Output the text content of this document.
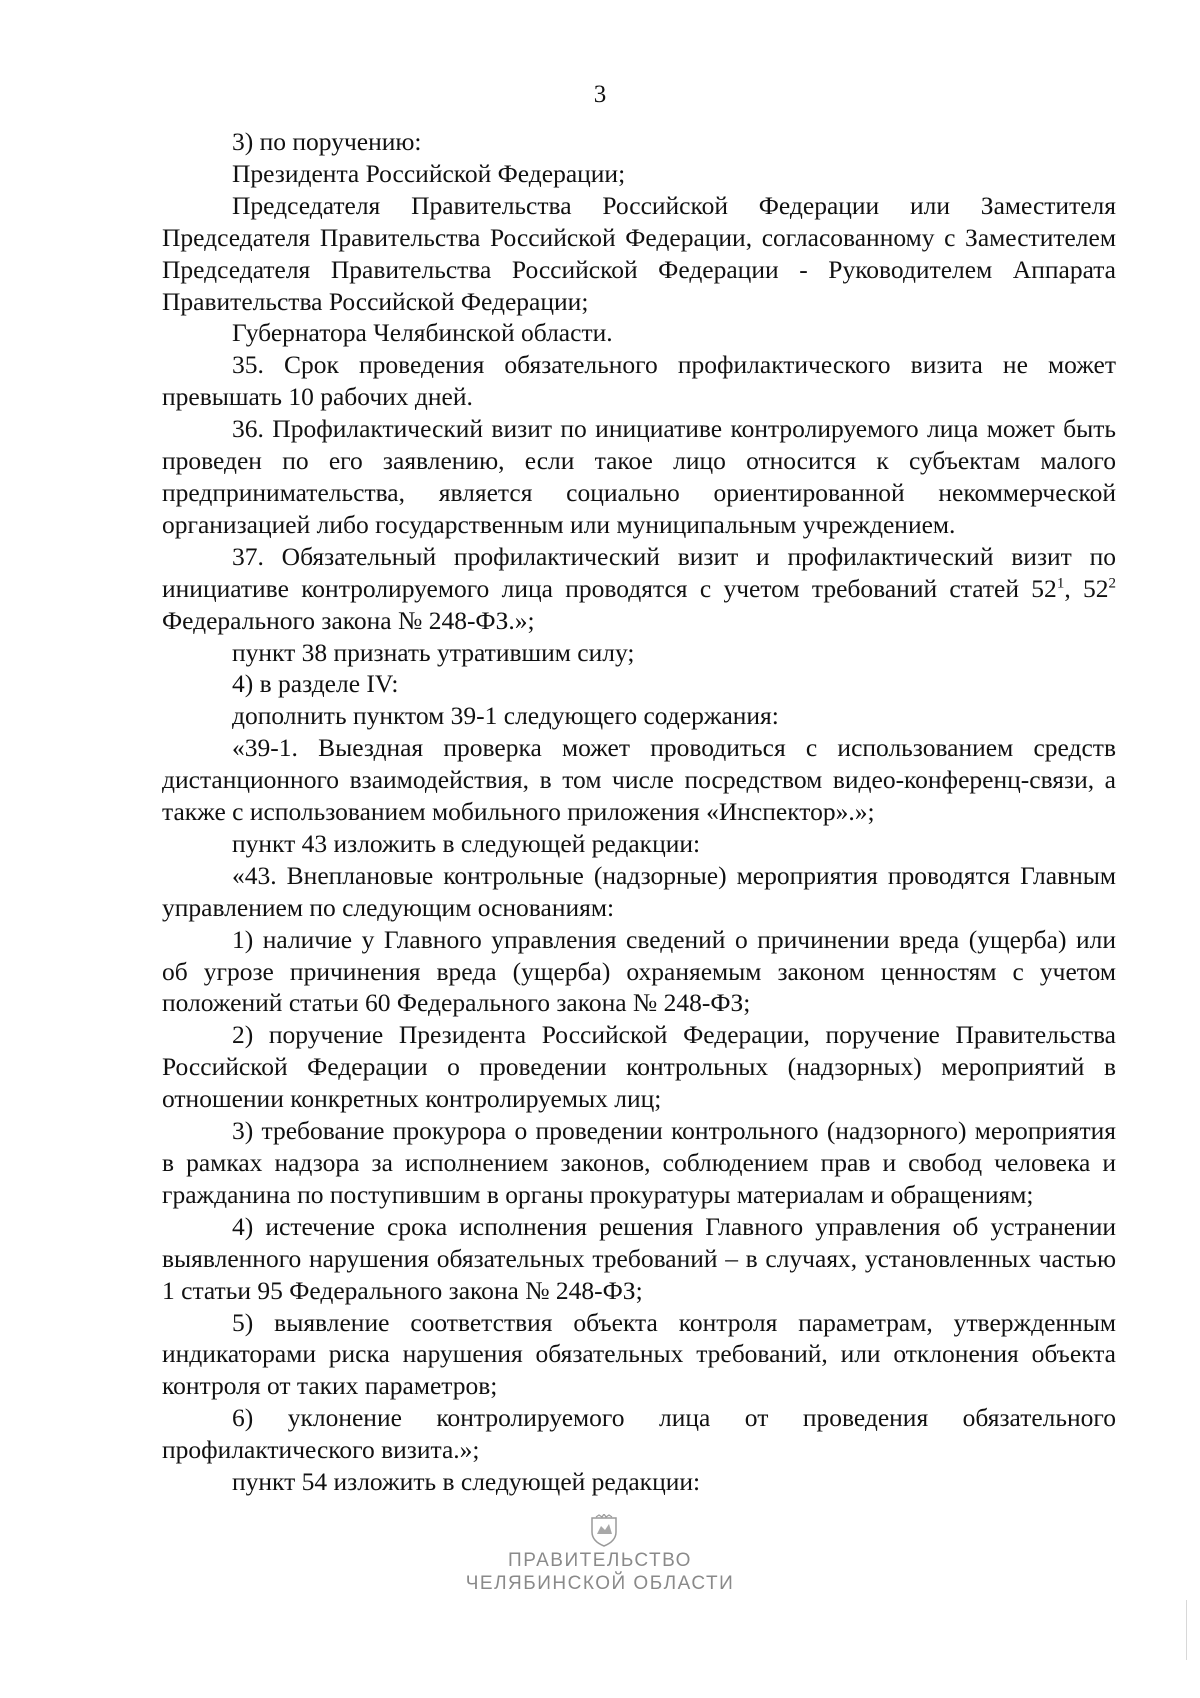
3

3) по поручению:

Президента Российской Федерации;

Председателя Правительства Российской Федерации или Заместителя Председателя Правительства Российской Федерации, согласованному с Заместителем Председателя Правительства Российской Федерации - Руководителем Аппарата Правительства Российской Федерации;

Губернатора Челябинской области.

35. Срок проведения обязательного профилактического визита не может превышать 10 рабочих дней.

36. Профилактический визит по инициативе контролируемого лица может быть проведен по его заявлению, если такое лицо относится к субъектам малого предпринимательства, является социально ориентированной некоммерческой организацией либо государственным или муниципальным учреждением.

37. Обязательный профилактический визит и профилактический визит по инициативе контролируемого лица проводятся с учетом требований статей $52^1$, $52^2$ Федерального закона № 248-ФЗ.»;

пункт 38 признать утратившим силу;

4) в разделе IV:

дополнить пунктом 39-1 следующего содержания:

«39-1. Выездная проверка может проводиться с использованием средств дистанционного взаимодействия, в том числе посредством видео-конференц-связи, а также с использованием мобильного приложения «Инспектор».»;

пункт 43 изложить в следующей редакции:

«43. Внеплановые контрольные (надзорные) мероприятия проводятся Главным управлением по следующим основаниям:

1) наличие у Главного управления сведений о причинении вреда (ущерба) или об угрозе причинения вреда (ущерба) охраняемым законом ценностям с учетом положений статьи 60 Федерального закона № 248-ФЗ;

2) поручение Президента Российской Федерации, поручение Правительства Российской Федерации о проведении контрольных (надзорных) мероприятий в отношении конкретных контролируемых лиц;

3) требование прокурора о проведении контрольного (надзорного) мероприятия в рамках надзора за исполнением законов, соблюдением прав и свобод человека и гражданина по поступившим в органы прокуратуры материалам и обращениям;

4) истечение срока исполнения решения Главного управления об устранении выявленного нарушения обязательных требований – в случаях, установленных частью 1 статьи 95 Федерального закона № 248-ФЗ;

5) выявление соответствия объекта контроля параметрам, утвержденным индикаторами риска нарушения обязательных требований, или отклонения объекта контроля от таких параметров;

6) уклонение контролируемого лица от проведения обязательного профилактического визита.»;

пункт 54 изложить в следующей редакции:

ПРАВИТЕЛЬСТВО
ЧЕЛЯБИНСКОЙ ОБЛАСТИ
